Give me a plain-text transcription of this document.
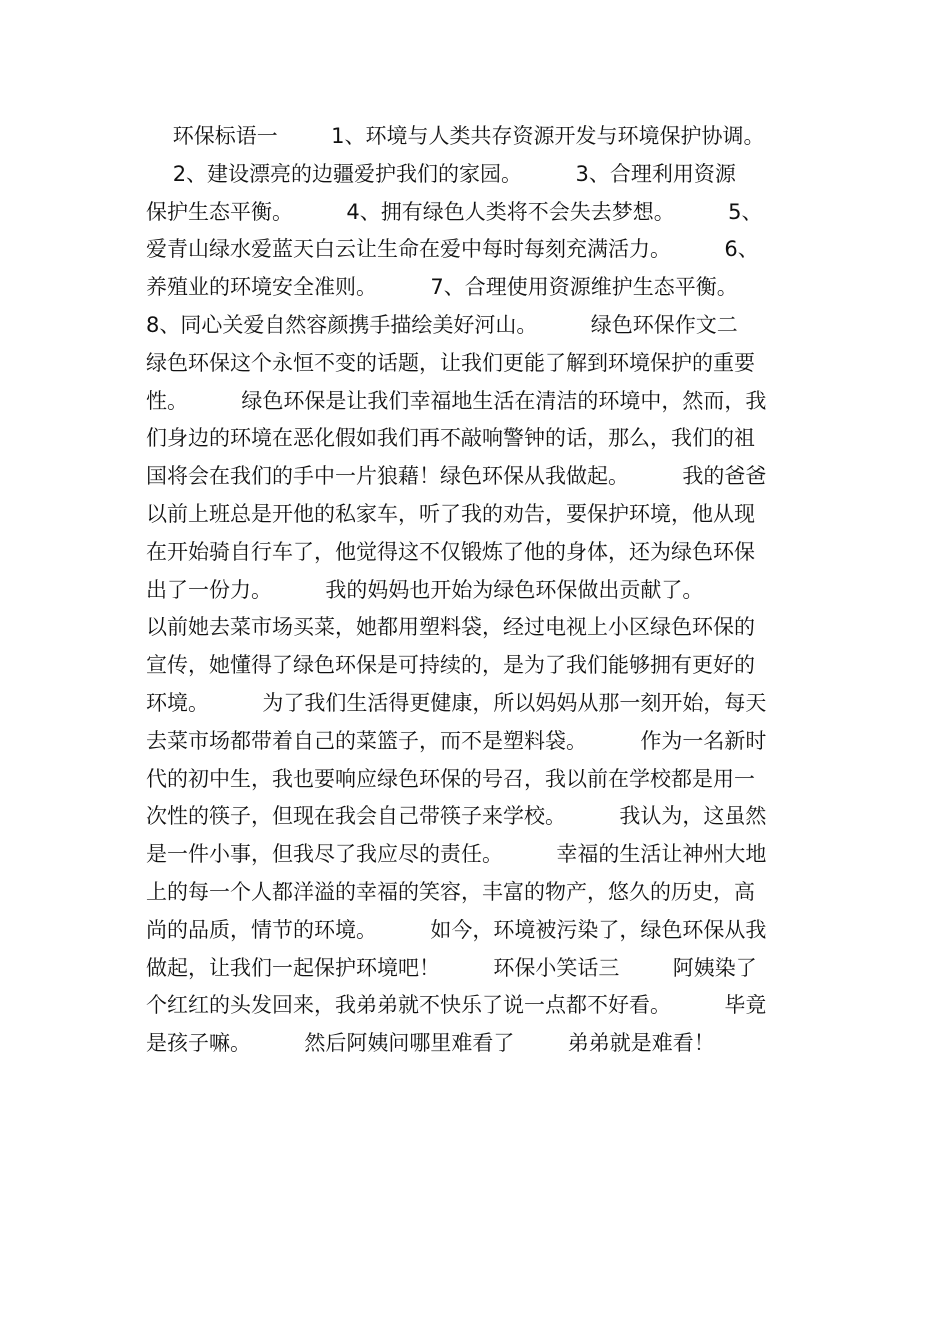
环保标语一        1、环境与人类共存资源开发与环境保护协调。
2、建设漂亮的边疆爱护我们的家园。        3、合理利用资源
保护生态平衡。        4、拥有绿色人类将不会失去梦想。        5、
爱青山绿水爱蓝天白云让生命在爱中每时每刻充满活力。        6、
养殖业的环境安全准则。        7、合理使用资源维护生态平衡。
8、同心关爱自然容颜携手描绘美好河山。        绿色环保作文二
绿色环保这个永恒不变的话题，让我们更能了解到环境保护的重要
性。        绿色环保是让我们幸福地生活在清洁的环境中，然而，我
们身边的环境在恶化假如我们再不敲响警钟的话，那么，我们的祖
国将会在我们的手中一片狼藉！绿色环保从我做起。        我的爸爸
以前上班总是开他的私家车，听了我的劝告，要保护环境，他从现
在开始骑自行车了，他觉得这不仅锻炼了他的身体，还为绿色环保
出了一份力。        我的妈妈也开始为绿色环保做出贡献了。
以前她去菜市场买菜，她都用塑料袋，经过电视上小区绿色环保的
宣传，她懂得了绿色环保是可持续的，是为了我们能够拥有更好的
环境。        为了我们生活得更健康，所以妈妈从那一刻开始，每天
去菜市场都带着自己的菜篮子，而不是塑料袋。        作为一名新时
代的初中生，我也要响应绿色环保的号召，我以前在学校都是用一
次性的筷子，但现在我会自己带筷子来学校。        我认为，这虽然
是一件小事，但我尽了我应尽的责任。        幸福的生活让神州大地
上的每一个人都洋溢的幸福的笑容，丰富的物产，悠久的历史，高
尚的品质，情节的环境。        如今，环境被污染了，绿色环保从我
做起，让我们一起保护环境吧！        环保小笑话三        阿姨染了
个红红的头发回来，我弟弟就不快乐了说一点都不好看。        毕竟
是孩子嘛。        然后阿姨问哪里难看了        弟弟就是难看！
